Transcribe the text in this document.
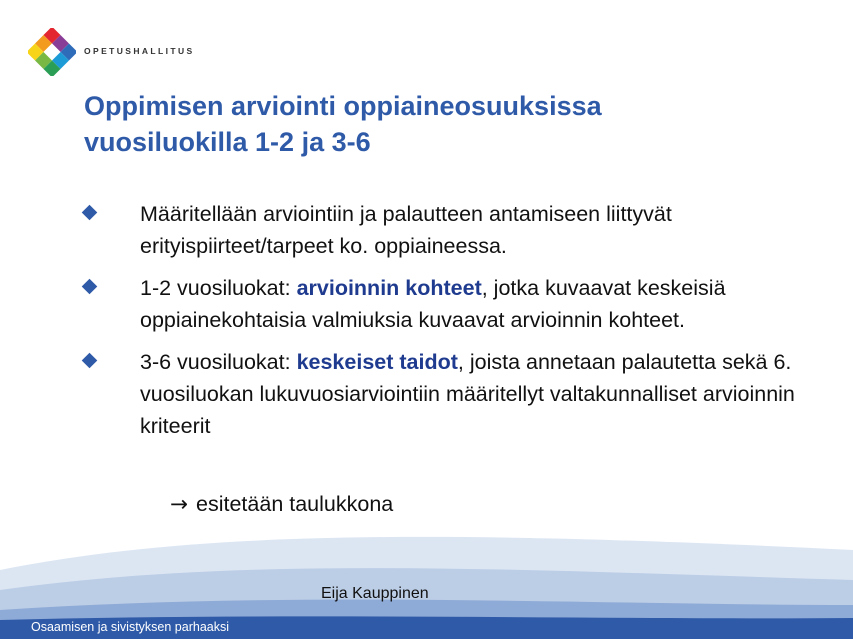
OPETUSHALLITUS
Oppimisen arviointi oppiaineosuuksissa
vuosiluokilla 1-2 ja 3-6
Määritellään arviointiin ja palautteen antamiseen liittyvät erityispiirteet/tarpeet ko. oppiaineessa.
1-2 vuosiluokat: arvioinnin kohteet, jotka kuvaavat keskeisiä oppiainekohtaisia valmiuksia kuvaavat arvioinnin kohteet.
3-6 vuosiluokat: keskeiset taidot, joista annetaan palautetta sekä 6. vuosiluokan lukuvuosiarviointiin määritellyt valtakunnalliset arvioinnin kriteerit
→ esitetään taulukkona
Eija Kauppinen
Osaamisen ja sivistyksen parhaaksi
